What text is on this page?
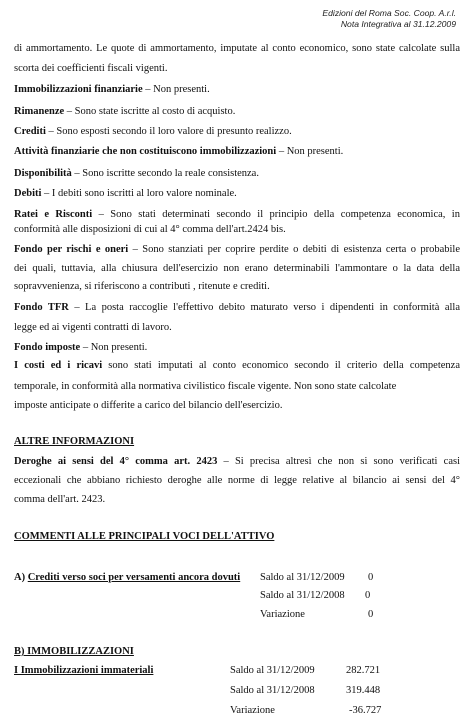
Edizioni del Roma Soc. Coop. A.r.l.
Nota Integrativa al 31.12.2009
di ammortamento. Le quote di ammortamento, imputate al conto economico, sono state calcolate sulla
scorta dei coefficienti fiscali vigenti.
Immobilizzazioni finanziarie – Non presenti.
Rimanenze – Sono state iscritte al costo di acquisto.
Crediti – Sono esposti secondo il loro valore di presunto realizzo.
Attività finanziarie che non costituiscono immobilizzazioni – Non presenti.
Disponibilità – Sono iscritte secondo la reale consistenza.
Debiti – I debiti sono iscritti al loro valore nominale.
Ratei e Risconti – Sono stati determinati secondo il principio della competenza economica, in
conformità alle disposizioni di cui al 4° comma dell'art.2424 bis.
Fondo per rischi e oneri – Sono stanziati per coprire perdite o debiti di esistenza certa o probabile
dei quali, tuttavia, alla chiusura dell'esercizio non erano determinabili l'ammontare o la data della
sopravvenienza, si riferiscono a contributi , ritenute e crediti.
Fondo TFR – La posta raccoglie l'effettivo debito maturato verso i dipendenti in conformità alla
legge ed ai vigenti contratti di lavoro.
Fondo imposte – Non presenti.
I costi ed i ricavi sono stati imputati al conto economico secondo il criterio della competenza
temporale, in conformità alla normativa civilistico fiscale vigente. Non sono state calcolate
imposte anticipate o differite a carico del bilancio dell'esercizio.
ALTRE INFORMAZIONI
Deroghe ai sensi del 4° comma art. 2423 – Si precisa altresì che non si sono verificati casi
eccezionali che abbiano richiesto deroghe alle norme di legge relative al bilancio ai sensi del 4°
comma dell'art. 2423.
COMMENTI ALLE PRINCIPALI VOCI DELL'ATTIVO
A) Crediti verso soci per versamenti ancora dovuti Saldo al 31/12/2009 0
Saldo al 31/12/2008 0
Variazione	0
B) IMMOBILIZZAZIONI
I Immobilizzazioni immateriali	Saldo al 31/12/2009	282.721
Saldo al 31/12/2008	319.448
Variazione	-36.727
